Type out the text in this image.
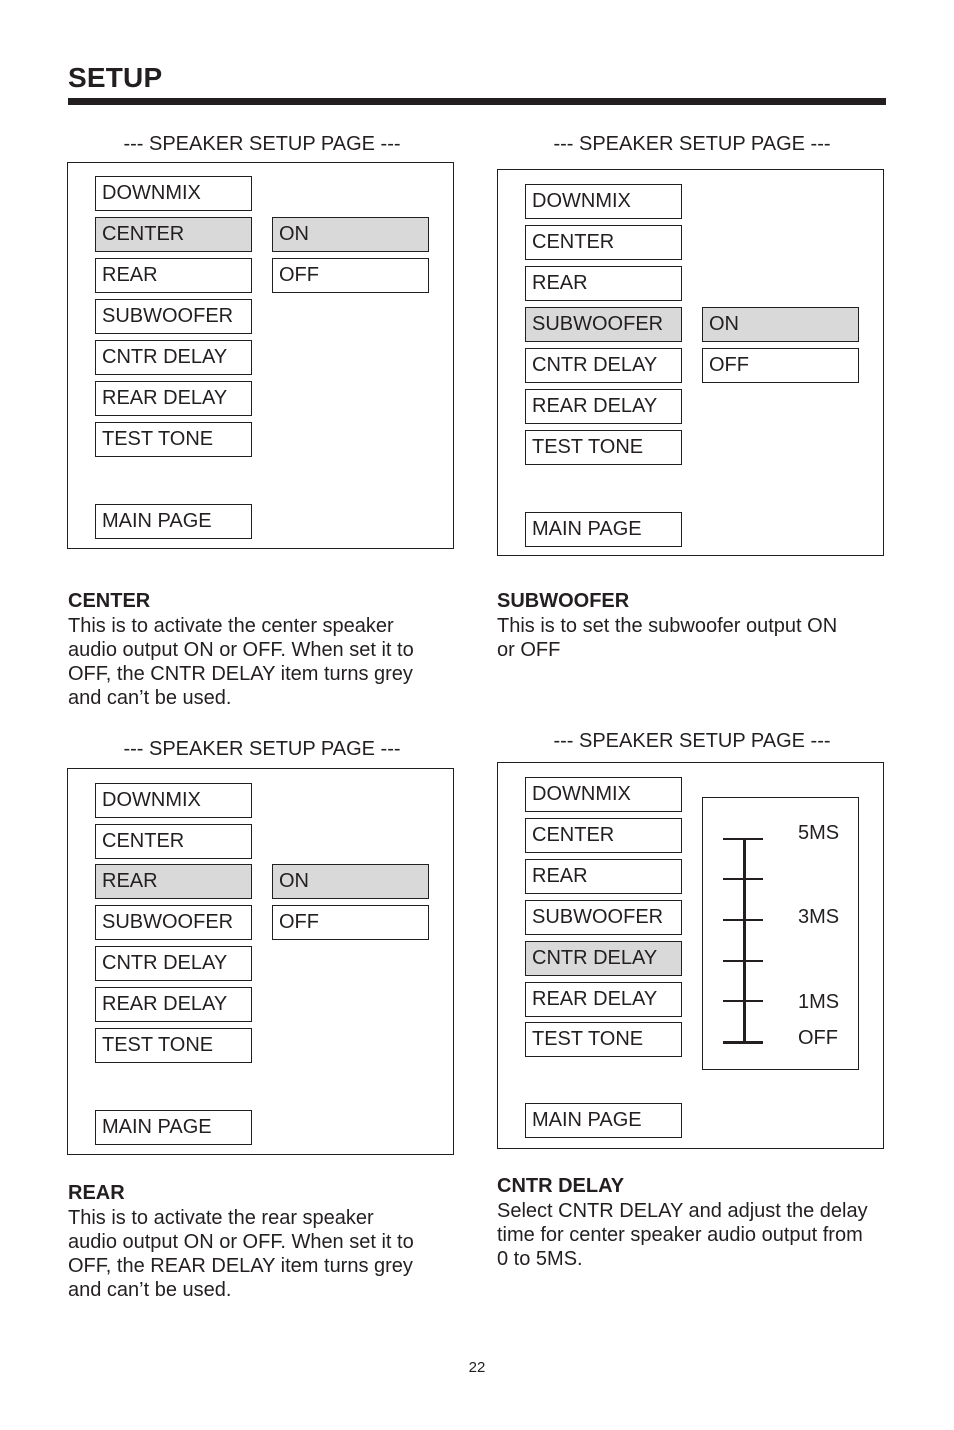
SETUP
--- SPEAKER SETUP PAGE ---
DOWNMIX
CENTER
REAR
SUBWOOFER
CNTR DELAY
REAR DELAY
TEST TONE
MAIN PAGE
ON
OFF
--- SPEAKER SETUP PAGE ---
DOWNMIX
CENTER
REAR
SUBWOOFER
CNTR DELAY
REAR DELAY
TEST TONE
MAIN PAGE
ON
OFF
CENTER
This is to activate the center speaker
audio output ON or OFF. When set it to
OFF, the CNTR DELAY item turns grey
and can’t be used.
SUBWOOFER
This is to set the subwoofer output ON
or OFF
--- SPEAKER SETUP PAGE ---
DOWNMIX
CENTER
REAR
SUBWOOFER
CNTR DELAY
REAR DELAY
TEST TONE
MAIN PAGE
ON
OFF
--- SPEAKER SETUP PAGE ---
DOWNMIX
CENTER
REAR
SUBWOOFER
CNTR DELAY
REAR DELAY
TEST TONE
MAIN PAGE
5MS
3MS
1MS
OFF
REAR
This is to activate the rear speaker
audio output ON or OFF. When set it to
OFF, the REAR DELAY item turns grey
and can’t be used.
CNTR DELAY
Select CNTR DELAY and adjust the delay
time for center speaker audio output from
0 to 5MS.
22
